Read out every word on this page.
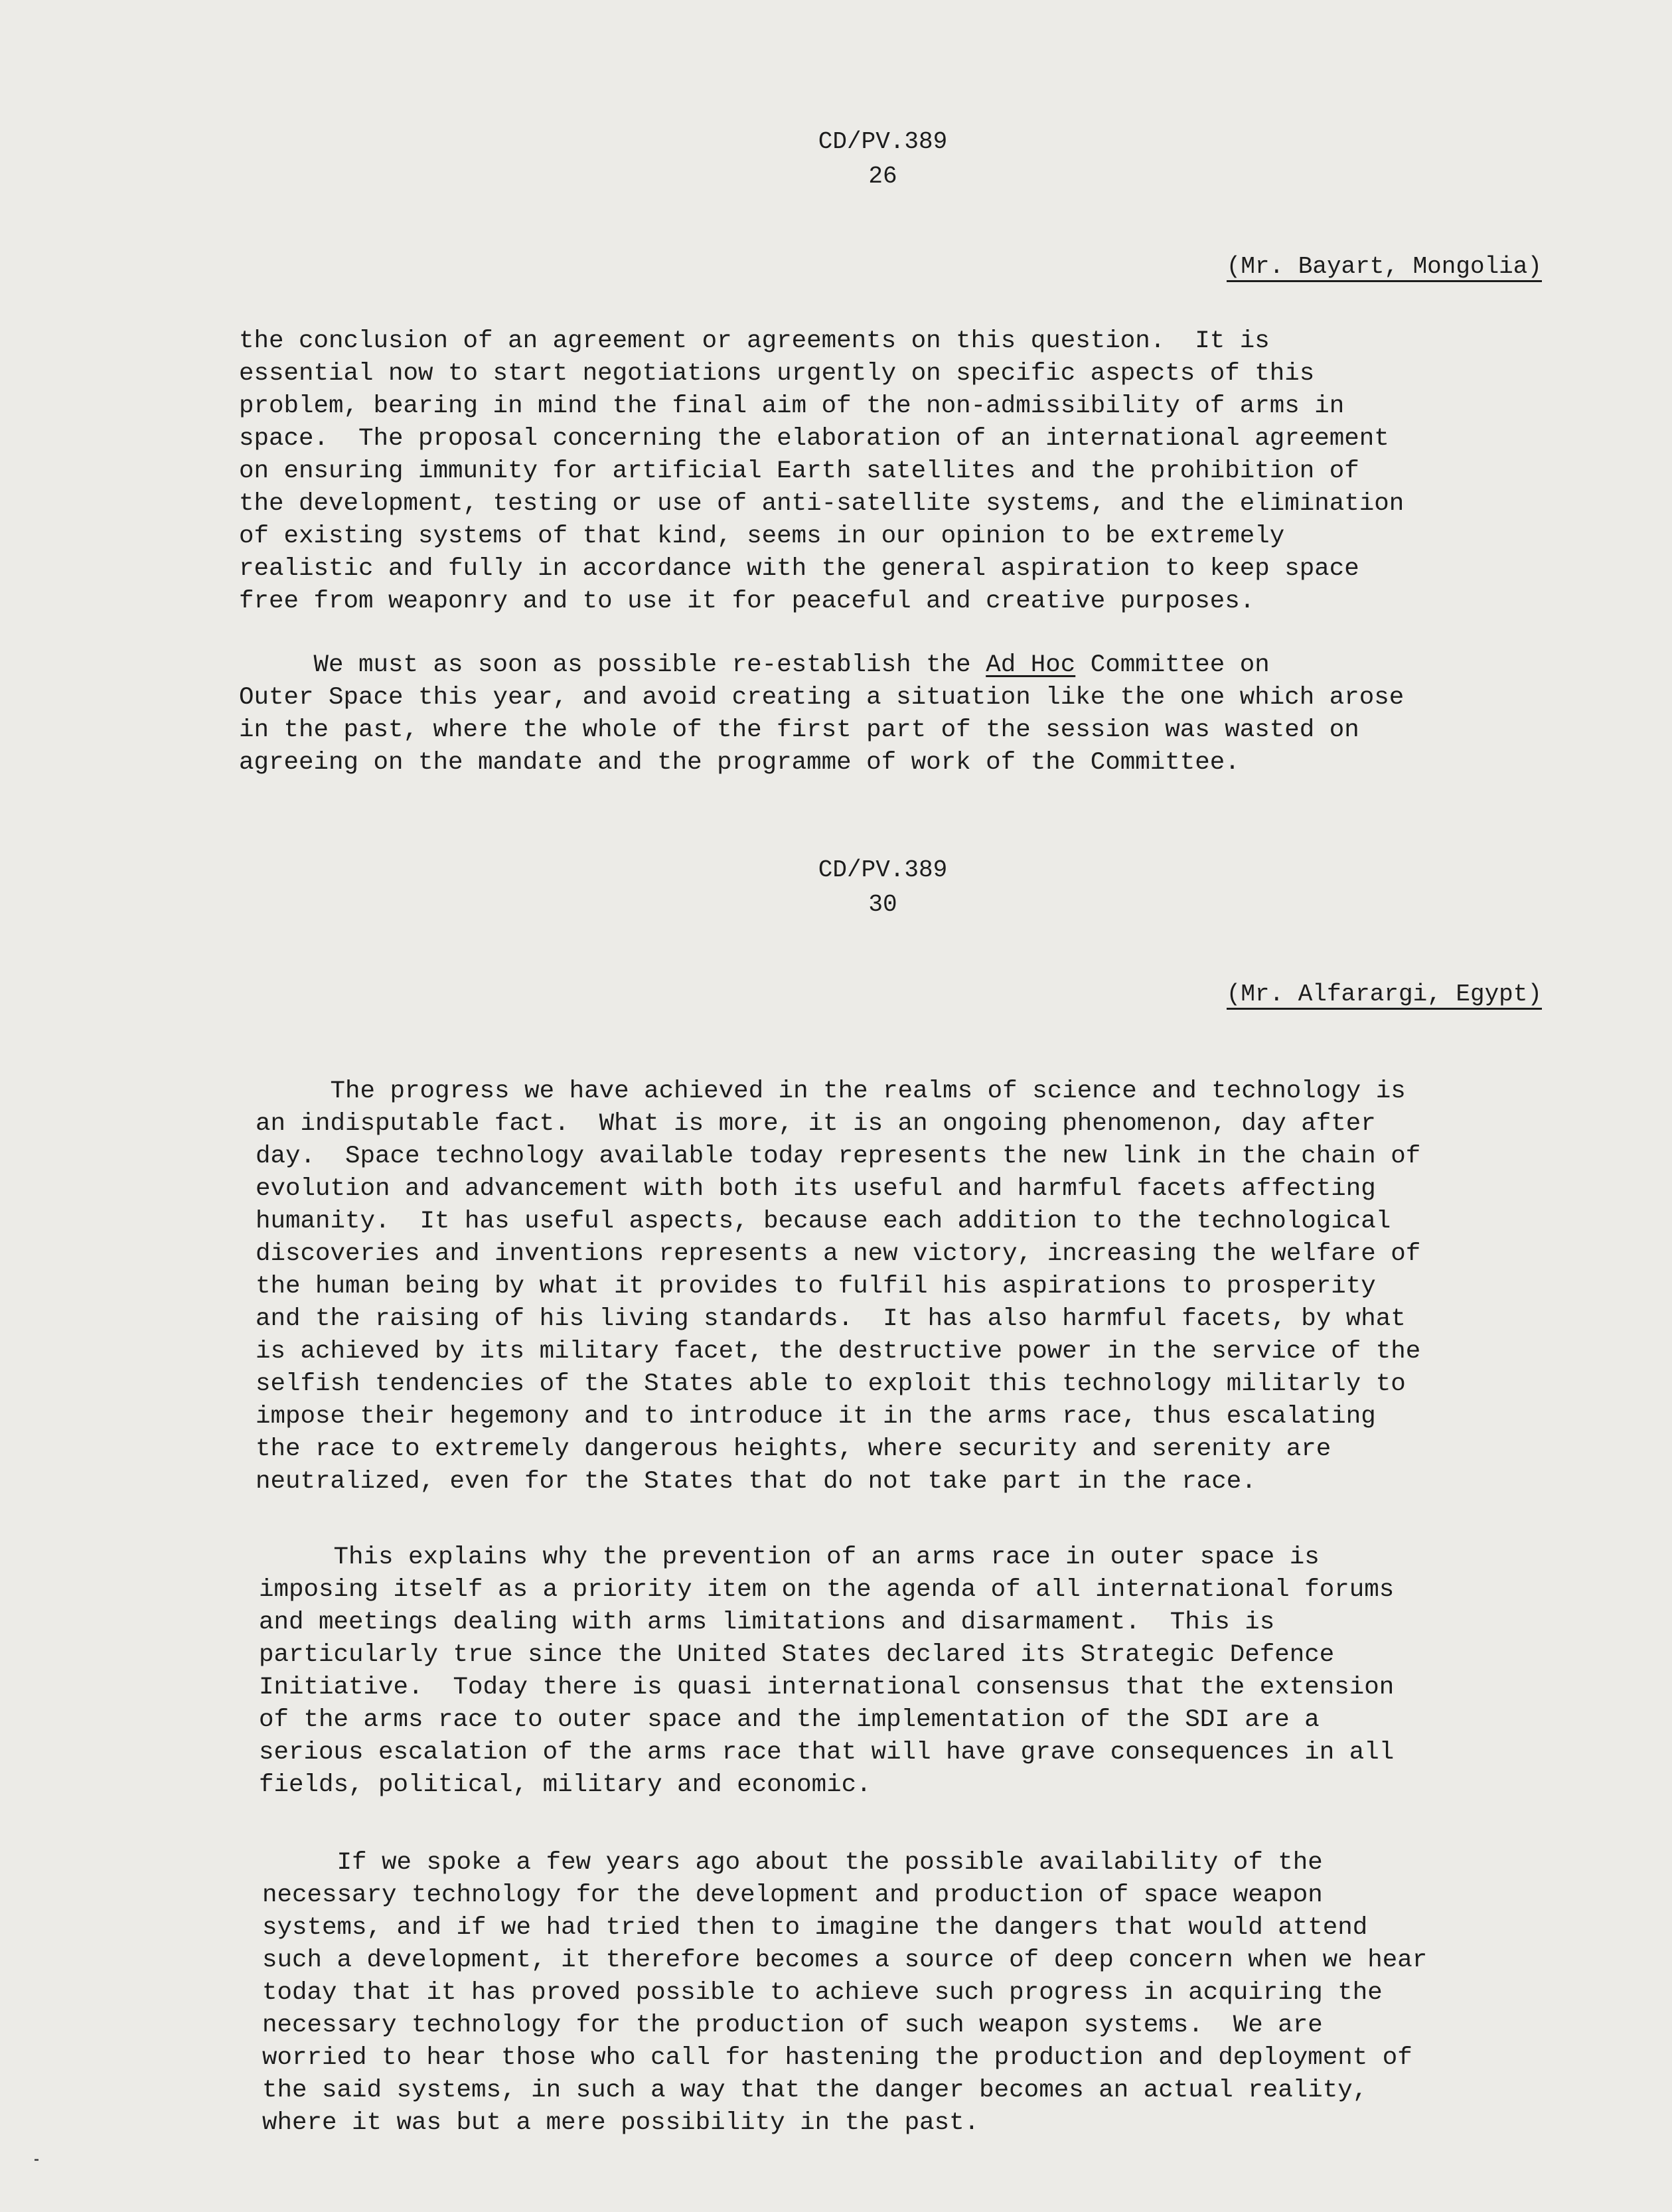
CD/PV.389
26
(Mr. Bayart, Mongolia)
the conclusion of an agreement or agreements on this question.  It is
essential now to start negotiations urgently on specific aspects of this
problem, bearing in mind the final aim of the non-admissibility of arms in
space.  The proposal concerning the elaboration of an international agreement
on ensuring immunity for artificial Earth satellites and the prohibition of
the development, testing or use of anti-satellite systems, and the elimination
of existing systems of that kind, seems in our opinion to be extremely
realistic and fully in accordance with the general aspiration to keep space
free from weaponry and to use it for peaceful and creative purposes.
We must as soon as possible re-establish the Ad Hoc Committee on
Outer Space this year, and avoid creating a situation like the one which arose
in the past, where the whole of the first part of the session was wasted on
agreeing on the mandate and the programme of work of the Committee.
CD/PV.389
30
(Mr. Alfarargi, Egypt)
The progress we have achieved in the realms of science and technology is
an indisputable fact.  What is more, it is an ongoing phenomenon, day after
day.  Space technology available today represents the new link in the chain of
evolution and advancement with both its useful and harmful facets affecting
humanity.  It has useful aspects, because each addition to the technological
discoveries and inventions represents a new victory, increasing the welfare of
the human being by what it provides to fulfil his aspirations to prosperity
and the raising of his living standards.  It has also harmful facets, by what
is achieved by its military facet, the destructive power in the service of the
selfish tendencies of the States able to exploit this technology militarly to
impose their hegemony and to introduce it in the arms race, thus escalating
the race to extremely dangerous heights, where security and serenity are
neutralized, even for the States that do not take part in the race.
This explains why the prevention of an arms race in outer space is
imposing itself as a priority item on the agenda of all international forums
and meetings dealing with arms limitations and disarmament.  This is
particularly true since the United States declared its Strategic Defence
Initiative.  Today there is quasi international consensus that the extension
of the arms race to outer space and the implementation of the SDI are a
serious escalation of the arms race that will have grave consequences in all
fields, political, military and economic.
If we spoke a few years ago about the possible availability of the
necessary technology for the development and production of space weapon
systems, and if we had tried then to imagine the dangers that would attend
such a development, it therefore becomes a source of deep concern when we hear
today that it has proved possible to achieve such progress in acquiring the
necessary technology for the production of such weapon systems.  We are
worried to hear those who call for hastening the production and deployment of
the said systems, in such a way that the danger becomes an actual reality,
where it was but a mere possibility in the past.
